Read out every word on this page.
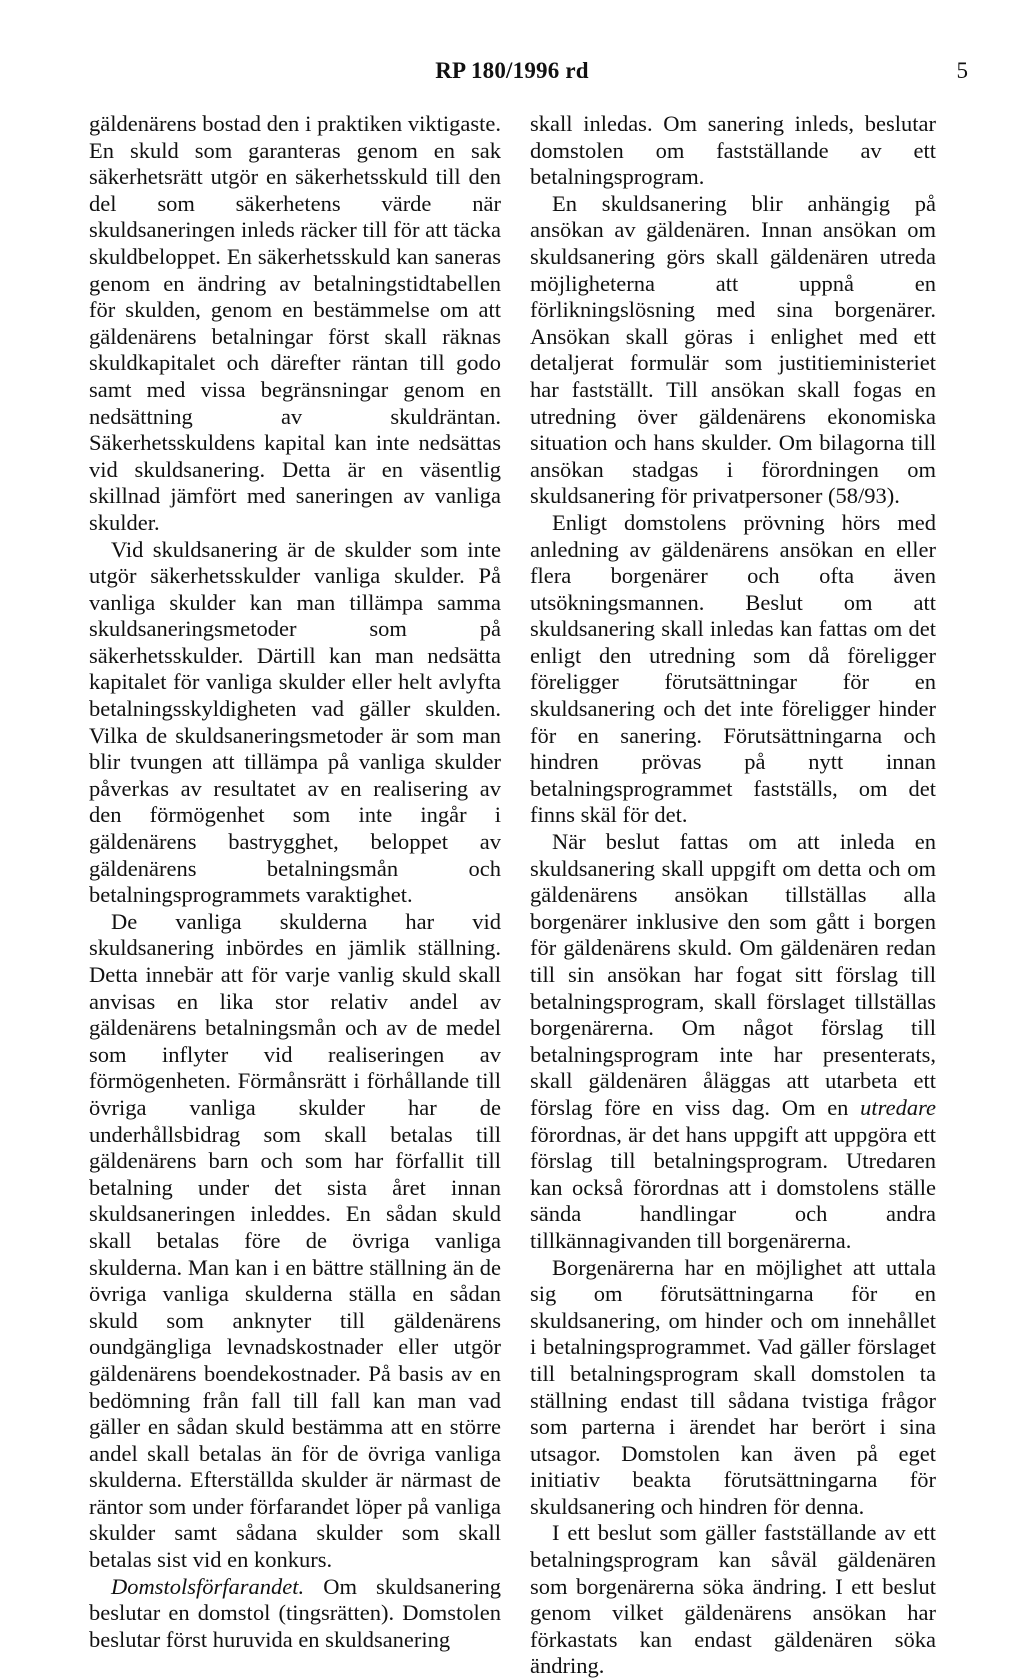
RP 180/1996 rd	5

gäldenärens bostad den i praktiken viktigaste. En skuld som garanteras genom en sak säkerhetsrätt utgör en säkerhetsskuld till den del som säkerhetens värde när skuldsaneringen inleds räcker till för att täcka skuldbeloppet. En säkerhetsskuld kan saneras genom en ändring av betalningstidtabellen för skulden, genom en bestämmelse om att gäldenärens betalningar först skall räknas skuldkapitalet och därefter räntan till godo samt med vissa begränsningar genom en nedsättning av skuldräntan. Säkerhetsskuldens kapital kan inte nedsättas vid skuldsanering. Detta är en väsentlig skillnad jämfört med saneringen av vanliga skulder.

Vid skuldsanering är de skulder som inte utgör säkerhetsskulder vanliga skulder. På vanliga skulder kan man tillämpa samma skuldsaneringsmetoder som på säkerhetsskulder. Därtill kan man nedsätta kapitalet för vanliga skulder eller helt avlyfta betalningsskyldigheten vad gäller skulden. Vilka de skuldsaneringsmetoder är som man blir tvungen att tillämpa på vanliga skulder påverkas av resultatet av en realisering av den förmögenhet som inte ingår i gäldenärens bastrygghet, beloppet av gäldenärens betalningsmån och betalningsprogrammets varaktighet.

De vanliga skulderna har vid skuldsanering inbördes en jämlik ställning. Detta innebär att för varje vanlig skuld skall anvisas en lika stor relativ andel av gäldenärens betalningsmån och av de medel som inflyter vid realiseringen av förmögenheten. Förmånsrätt i förhållande till övriga vanliga skulder har de underhållsbidrag som skall betalas till gäldenärens barn och som har förfallit till betalning under det sista året innan skuldsaneringen inleddes. En sådan skuld skall betalas före de övriga vanliga skulderna. Man kan i en bättre ställning än de övriga vanliga skulderna ställa en sådan skuld som anknyter till gäldenärens oundgängliga levnadskostnader eller utgör gäldenärens boendekostnader. På basis av en bedömning från fall till fall kan man vad gäller en sådan skuld bestämma att en större andel skall betalas än för de övriga vanliga skulderna. Efterställda skulder är närmast de räntor som under förfarandet löper på vanliga skulder samt sådana skulder som skall betalas sist vid en konkurs.

Domstolsförfarandet. Om skuldsanering beslutar en domstol (tingsrätten). Domstolen beslutar först huruvida en skuldsanering

skall inledas. Om sanering inleds, beslutar domstolen om fastställande av ett betalningsprogram.

En skuldsanering blir anhängig på ansökan av gäldenären. Innan ansökan om skuldsanering görs skall gäldenären utreda möjligheterna att uppnå en förlikningslösning med sina borgenärer. Ansökan skall göras i enlighet med ett detaljerat formulär som justitieministeriet har fastställt. Till ansökan skall fogas en utredning över gäldenärens ekonomiska situation och hans skulder. Om bilagorna till ansökan stadgas i förordningen om skuldsanering för privatpersoner (58/93).

Enligt domstolens prövning hörs med anledning av gäldenärens ansökan en eller flera borgenärer och ofta även utsökningsmannen. Beslut om att skuldsanering skall inledas kan fattas om det enligt den utredning som då föreligger föreligger förutsättningar för en skuldsanering och det inte föreligger hinder för en sanering. Förutsättningarna och hindren prövas på nytt innan betalningsprogrammet fastställs, om det finns skäl för det.

När beslut fattas om att inleda en skuldsanering skall uppgift om detta och om gäldenärens ansökan tillställas alla borgenärer inklusive den som gått i borgen för gäldenärens skuld. Om gäldenären redan till sin ansökan har fogat sitt förslag till betalningsprogram, skall förslaget tillställas borgenärerna. Om något förslag till betalningsprogram inte har presenterats, skall gäldenären åläggas att utarbeta ett förslag före en viss dag. Om en utredare förordnas, är det hans uppgift att uppgöra ett förslag till betalningsprogram. Utredaren kan också förordnas att i domstolens ställe sända handlingar och andra tillkännagivanden till borgenärerna.

Borgenärerna har en möjlighet att uttala sig om förutsättningarna för en skuldsanering, om hinder och om innehållet i betalningsprogrammet. Vad gäller förslaget till betalningsprogram skall domstolen ta ställning endast till sådana tvistiga frågor som parterna i ärendet har berört i sina utsagor. Domstolen kan även på eget initiativ beakta förutsättningarna för skuldsanering och hindren för denna.

I ett beslut som gäller fastställande av ett betalningsprogram kan såväl gäldenären som borgenärerna söka ändring. I ett beslut genom vilket gäldenärens ansökan har förkastats kan endast gäldenären söka ändring.
